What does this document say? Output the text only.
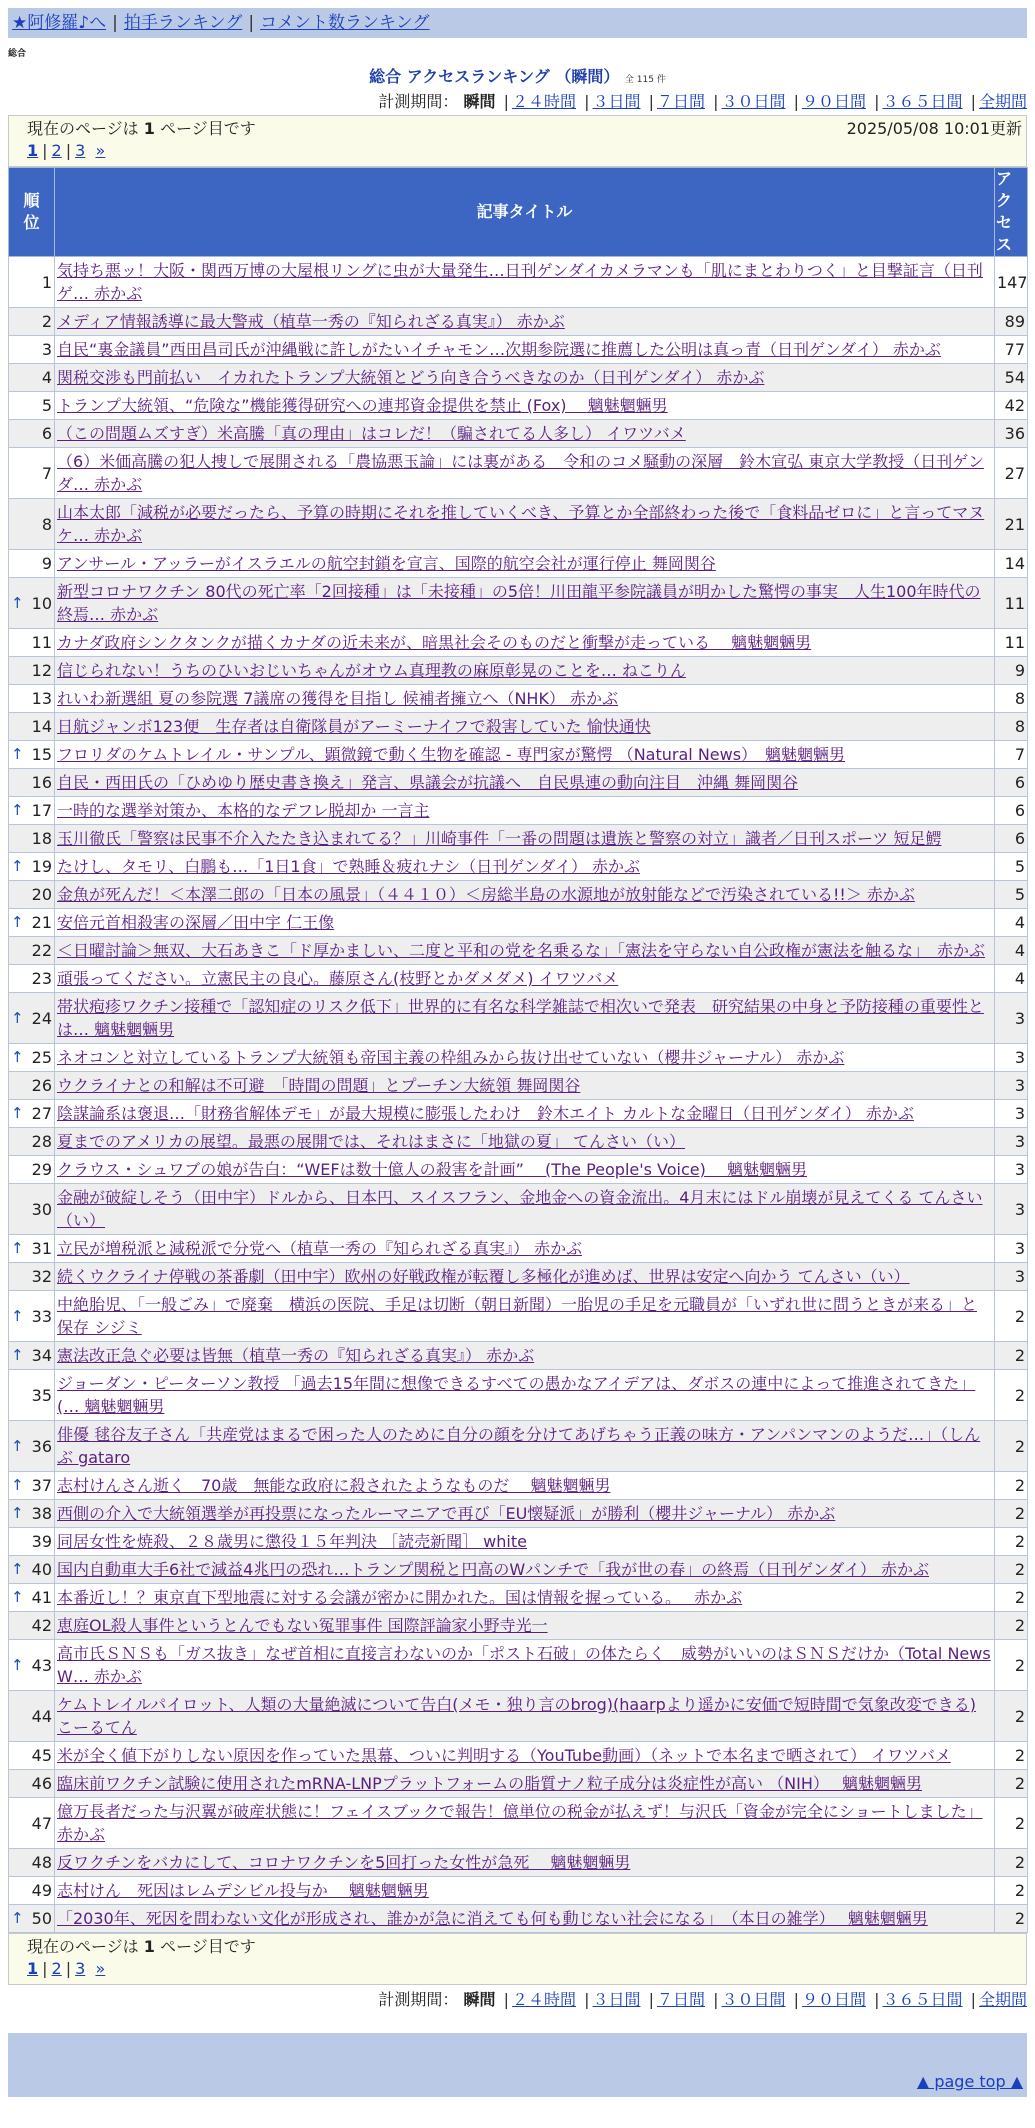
★阿修羅♪へ | 拍手ランキング | コメント数ランキング
総合
総合 アクセスランキング （瞬間） 全 115 件
計測期間： 瞬間 | ２４時間 | ３日間 | ７日間 | ３０日間 | ９０日間 | ３６５日間 | 全期間
現在のページは 1 ページ目です	2025/05/08 10:01更新
1 | 2 | 3 »
順位	記事タイトル	アクセス
1	気持ち悪ッ！大阪・関西万博の大屋根リングに虫が大量発生…日刊ゲンダイカメラマンも「肌にまとわりつく」と目撃証言（日刊ゲ… 赤かぶ	147
2	メディア情報誘導に最大警戒（植草一秀の『知られざる真実』） 赤かぶ	89
3	自民“裏金議員”西田昌司氏が沖縄戦に許しがたいイチャモン…次期参院選に推薦した公明は真っ青（日刊ゲンダイ） 赤かぶ	77
4	関税交渉も門前払い　イカれたトランプ大統領とどう向き合うべきなのか（日刊ゲンダイ） 赤かぶ	54
5	トランプ大統領、“危険な”機能獲得研究への連邦資金提供を禁止 (Fox)　 魑魅魍魎男	42
6	（この問題ムズすぎ）米高騰「真の理由」はコレだ！（騙されてる人多し） イワツバメ	36
7	（6）米価高騰の犯人捜しで展開される「農協悪玉論」には裏がある　令和のコメ騒動の深層　鈴木宣弘 東京大学教授（日刊ゲンダ… 赤かぶ	27
8	山本太郎「減税が必要だったら、予算の時期にそれを推していくべき、予算とか全部終わった後で「食料品ゼロに」と言ってマヌケ… 赤かぶ	21
9	アンサール・アッラーがイスラエルの航空封鎖を宣言、国際的航空会社が運行停止 舞岡関谷	14

↑ 10	新型コロナワクチン 80代の死亡率「2回接種」は「未接種」の5倍！川田龍平参院議員が明かした驚愕の事実　人生100年時代の終焉… 赤かぶ	11
11	カナダ政府シンクタンクが描くカナダの近未来が、暗黒社会そのものだと衝撃が走っている　 魑魅魍魎男	11
12	信じられない！うちのひいおじいちゃんがオウム真理教の麻原彰晃のことを… ねこりん	9
13	れいわ新選組 夏の参院選 7議席の獲得を目指し 候補者擁立へ（NHK） 赤かぶ	8
14	日航ジャンボ123便　生存者は自衛隊員がアーミーナイフで殺害していた 愉快通快	8

↑ 15	フロリダのケムトレイル・サンプル、顕微鏡で動く生物を確認 - 専門家が驚愕 （Natural News）　魑魅魍魎男	7
16	自民・西田氏の「ひめゆり歴史書き換え」発言、県議会が抗議へ　自民県連の動向注目　沖縄 舞岡関谷	6

↑ 17	一時的な選挙対策か、本格的なデフレ脱却か 一言主	6
18	玉川徹氏「警察は民事不介入たたき込まれてる？」川崎事件「一番の問題は遺族と警察の対立」識者／日刊スポーツ 短足鰐	6

↑ 19	たけし、タモリ、白鵬も…「1日1食」で熟睡＆疲れナシ（日刊ゲンダイ） 赤かぶ	5
20	金魚が死んだ！＜本澤二郎の「日本の風景」（４４１０）＜房総半島の水源地が放射能などで汚染されている!!＞ 赤かぶ	5

↑ 21	安倍元首相殺害の深層／田中宇 仁王像	4
22	＜日曜討論＞無双、大石あきこ「ド厚かましい、二度と平和の党を名乗るな」「憲法を守らない自公政権が憲法を触るな」　赤かぶ	4
23	頑張ってください。立憲民主の良心。藤原さん(枝野とかダメダメ) イワツバメ	4

↑ 24	帯状疱疹ワクチン接種で「認知症のリスク低下」世界的に有名な科学雑誌で相次いで発表　研究結果の中身と予防接種の重要性とは… 魑魅魍魎男	3

↑ 25	ネオコンと対立しているトランプ大統領も帝国主義の枠組みから抜け出せていない（櫻井ジャーナル） 赤かぶ	3
26	ウクライナとの和解は不可避　「時間の問題」とプーチン大統領 舞岡関谷	3

↑ 27	陰謀論系は褒退…「財務省解体デモ」が最大規模に膨張したわけ　鈴木エイト カルトな金曜日（日刊ゲンダイ） 赤かぶ	3
28	夏までのアメリカの展望。最悪の展開では、それはまさに「地獄の夏」 てんさい（い）	3
29	クラウス・シュワブの娘が告白：“WEFは数十億人の殺害を計画” 　(The People's Voice)　 魑魅魍魎男	3
30	金融が破綻しそう（田中宇）ドルから、日本円、スイスフラン、金地金への資金流出。4月末にはドル崩壊が見えてくる てんさい（い）	3

↑ 31	立民が増税派と減税派で分党へ（植草一秀の『知られざる真実』） 赤かぶ	3
32	続くウクライナ停戦の茶番劇（田中宇）欧州の好戦政権が転覆し多極化が進めば、世界は安定へ向かう てんさい（い）	3

↑ 33	中絶胎児、「一般ごみ」で廃棄　横浜の医院、手足は切断（朝日新聞）一胎児の手足を元職員が「いずれ世に問うときが来る」と保存 シジミ	2

↑ 34	憲法改正急ぐ必要は皆無（植草一秀の『知られざる真実』） 赤かぶ	2
35	ジョーダン・ピーターソン教授 「過去15年間に想像できるすべての愚かなアイデアは、ダボスの連中によって推進されてきた」(… 魑魅魍魎男	2

↑ 36	俳優 毬谷友子さん「共産党はまるで困った人のために自分の顔を分けてあげちゃう正義の味方・アンパンマンのようだ…」（しんぶ gataro	2

↑ 37	志村けんさん逝く　70歳　無能な政府に殺されたようなものだ　 魑魅魍魎男	2

↑ 38	西側の介入で大統領選挙が再投票になったルーマニアで再び「EU懐疑派」が勝利（櫻井ジャーナル） 赤かぶ	2
39	同居女性を焼殺、２８歳男に懲役１５年判決 ［読売新聞］ white	2

↑ 40	国内自動車大手6社で減益4兆円の恐れ…トランプ関税と円高のWパンチで「我が世の春」の終焉（日刊ゲンダイ） 赤かぶ	2

↑ 41	本番近し！？東京直下型地震に対する会議が密かに開かれた。国は情報を握っている。　 赤かぶ	2
42	恵庭OL殺人事件というとんでもない冤罪事件 国際評論家小野寺光一	2

↑ 43	高市氏ＳＮＳも「ガス抜き」なぜ首相に直接言わないのか「ポスト石破」の体たらく　威勢がいいのはＳＮＳだけか（Total News W… 赤かぶ	2
44	ケムトレイルパイロット、人類の大量絶滅について告白(メモ・独り言のbrog)(haarpより遥かに安価で短時間で気象改変できる) こーるてん	2
45	米が全く値下がりしない原因を作っていた黒幕、ついに判明する（YouTube動画）（ネットで本名まで晒されて） イワツバメ	2
46	臨床前ワクチン試験に使用されたmRNA-LNPプラットフォームの脂質ナノ粒子成分は炎症性が高い （NIH）　 魑魅魍魎男	2
47	億万長者だった与沢翼が破産状態に！フェイスブックで報告！億単位の税金が払えず！与沢氏「資金が完全にショートしました」 赤かぶ	2
48	反ワクチンをバカにして、コロナワクチンを5回打った女性が急死　 魑魅魍魎男	2
49	志村けん　死因はレムデシビル投与か　 魑魅魍魎男	2

↑ 50	「2030年、死因を問わない文化が形成され、誰かが急に消えても何も動じない社会になる」　（本日の雑学）　 魑魅魍魎男	2
現在のページは 1 ページ目です
1 | 2 | 3 »
計測期間： 瞬間 | ２４時間 | ３日間 | ７日間 | ３０日間 | ９０日間 | ３６５日間 | 全期間
▲ page top ▲
